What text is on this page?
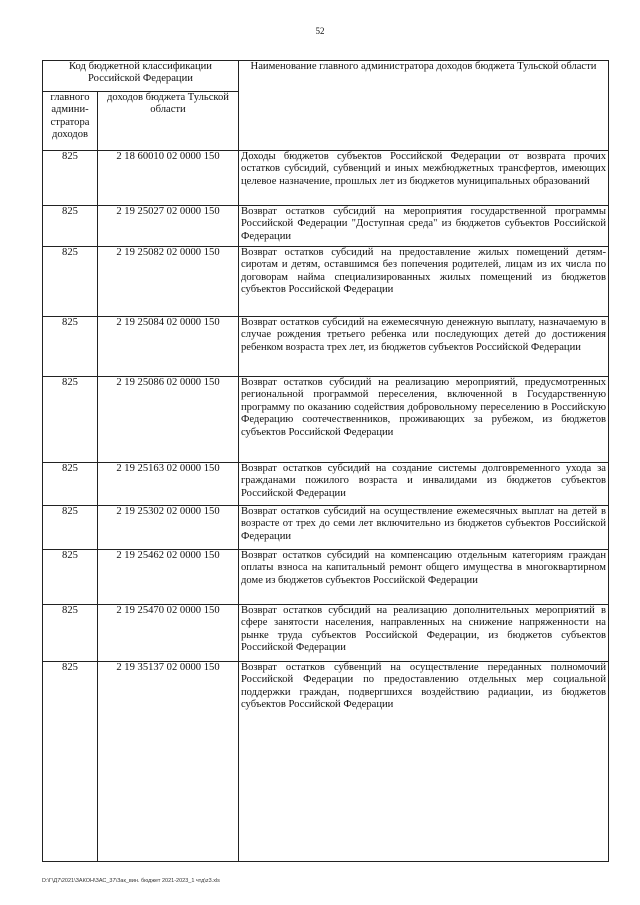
52
Код бюджетной классификации Российской Федерации		Наименование главного администратора доходов бюджета Тульской области
главного админи-стратора доходов	доходов бюджета Тульской области	
825	2 18 60010 02 0000 150	Доходы бюджетов субъектов Российской Федерации от возврата прочих остатков субсидий, субвенций и иных межбюджетных трансфертов, имеющих целевое назначение, прошлых лет из бюджетов муниципальных образований
825	2 19 25027 02 0000 150	Возврат остатков субсидий на мероприятия государственной программы Российской Федерации "Доступная среда" из бюджетов субъектов Российской Федерации
825	2 19 25082 02 0000 150	Возврат остатков субсидий на предоставление жилых помещений детям-сиротам и детям, оставшимся без попечения родителей, лицам из их числа по договорам найма специализированных жилых помещений из бюджетов субъектов Российской Федерации
825	2 19 25084 02 0000 150	Возврат остатков субсидий на ежемесячную денежную выплату, назначаемую в случае рождения третьего ребенка или последующих детей до достижения ребенком возраста трех лет, из бюджетов субъектов Российской Федерации
825	2 19 25086 02 0000 150	Возврат остатков субсидий на реализацию мероприятий, предусмотренных региональной программой переселения, включенной в Государственную программу по оказанию содействия добровольному переселению в Российскую Федерацию соотечественников, проживающих за рубежом, из бюджетов субъектов Российской Федерации
825	2 19 25163 02 0000 150	Возврат остатков субсидий на создание системы долговременного ухода за гражданами пожилого возраста и инвалидами из бюджетов субъектов Российской Федерации
825	2 19 25302 02 0000 150	Возврат остатков субсидий на осуществление ежемесячных выплат на детей в возрасте от трех до семи лет включительно из бюджетов субъектов Российской Федерации
825	2 19 25462 02 0000 150	Возврат остатков субсидий на компенсацию отдельным категориям граждан оплаты взноса на капитальный ремонт общего имущества в многоквартирном доме из бюджетов субъектов Российской Федерации
825	2 19 25470 02 0000 150	Возврат остатков субсидий на реализацию дополнительных мероприятий в сфере занятости населения, направленных на снижение напряженности на рынке труда субъектов Российской Федерации, из бюджетов субъектов Российской Федерации
825	2 19 35137 02 0000 150	Возврат остатков субвенций на осуществление переданных полномочий Российской Федерации по предоставлению отдельных мер социальной поддержки граждан, подвергшихся воздействию радиации, из бюджетов субъектов Российской Федерации
D:\Г\Д7\2021\ЗАКОН\ЗАС_37\Зак_вин. бюджет 2021-2023_1 чтд\z3.xls
